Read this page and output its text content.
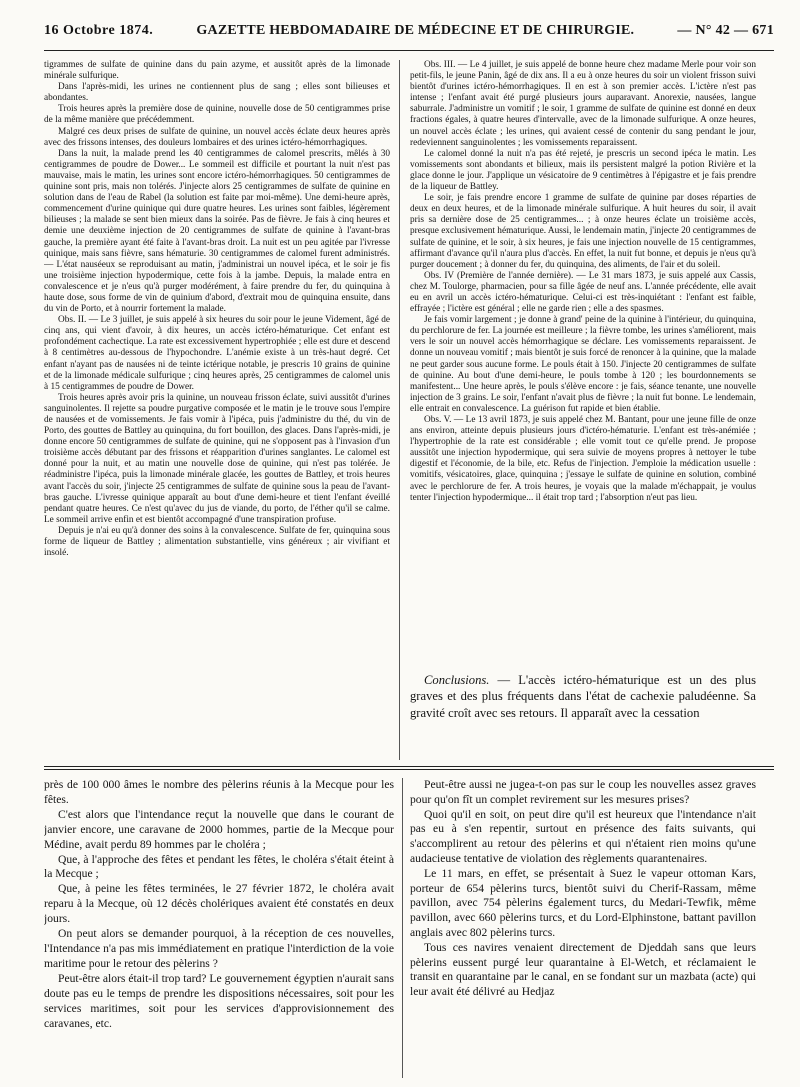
16 Octobre 1874.	GAZETTE HEBDOMADAIRE DE MÉDECINE ET DE CHIRURGIE.	— N° 42 — 671

tigrammes de sulfate de quinine dans du pain azyme, et aussitôt après de la limonade minérale sulfurique.

Dans l'après-midi, les urines ne contiennent plus de sang ; elles sont bilieuses et abondantes.

Trois heures après la première dose de quinine, nouvelle dose de 50 centigrammes prise de la même manière que précédemment.

Malgré ces deux prises de sulfate de quinine, un nouvel accès éclate deux heures après avec des frissons intenses, des douleurs lombaires et des urines ictéro-hémorrhagiques.

Dans la nuit, la malade prend les 40 centigrammes de calomel prescrits, mêlés à 30 centigrammes de poudre de Dower... Le sommeil est difficile et pourtant la nuit n'est pas mauvaise, mais le matin, les urines sont encore ictéro-hémorrhagiques. 50 centigrammes de quinine sont pris, mais non tolérés. J'injecte alors 25 centigrammes de sulfate de quinine en solution dans de l'eau de Rabel (la solution est faite par moi-même). Une demi-heure après, commencement d'urine quinique qui dure quatre heures. Les urines sont faibles, légèrement bilieuses ; la malade se sent bien mieux dans la soirée. Pas de fièvre. Je fais à cinq heures et demie une deuxième injection de 20 centigrammes de sulfate de quinine à l'avant-bras gauche, la première ayant été faite à l'avant-bras droit. La nuit est un peu agitée par l'ivresse quinique, mais sans fièvre, sans hématurie. 30 centigrammes de calomel furent administrés. — L'état nauséeux se reproduisant au matin, j'administrai un nouvel ipéca, et le soir je fis une troisième injection hypodermique, cette fois à la jambe. Depuis, la malade entra en convalescence et je n'eus qu'à purger modérément, à faire prendre du fer, du quinquina à haute dose, sous forme de vin de quinium d'abord, d'extrait mou de quinquina ensuite, dans du vin de Porto, et à nourrir fortement la malade.

Obs. II. — Le 3 juillet, je suis appelé à six heures du soir pour le jeune Videment, âgé de cinq ans, qui vient d'avoir, à dix heures, un accès ictéro-hématurique. Cet enfant est profondément cachectique. La rate est excessivement hypertrophiée ; elle est dure et descend à 8 centimètres au-dessous de l'hypochondre. L'anémie existe à un très-haut degré. Cet enfant n'ayant pas de nausées ni de teinte ictérique notable, je prescris 10 grains de quinine et de la limonade médicale sulfurique ; cinq heures après, 25 centigrammes de calomel unis à 15 centigrammes de poudre de Dower.

Trois heures après avoir pris la quinine, un nouveau frisson éclate, suivi aussitôt d'urines sanguinolentes. Il rejette sa poudre purgative composée et le matin je le trouve sous l'empire de nausées et de vomissements. Je fais vomir à l'ipéca, puis j'administre du thé, du vin de Porto, des gouttes de Battley au quinquina, du fort bouillon, des glaces. Dans l'après-midi, je donne encore 50 centigrammes de sulfate de quinine, qui ne s'opposent pas à l'invasion d'un troisième accès débutant par des frissons et réapparition d'urines sanglantes. Le calomel est donné pour la nuit, et au matin une nouvelle dose de quinine, qui n'est pas tolérée. Je réadministre l'ipéca, puis la limonade minérale glacée, les gouttes de Battley, et trois heures avant l'accès du soir, j'injecte 25 centigrammes de sulfate de quinine sous la peau de l'avant-bras gauche. L'ivresse quinique apparaît au bout d'une demi-heure et tient l'enfant éveillé pendant quatre heures. Ce n'est qu'avec du jus de viande, du porto, de l'éther qu'il se calme. Le sommeil arrive enfin et est bientôt accompagné d'une transpiration profuse.

Depuis je n'ai eu qu'à donner des soins à la convalescence. Sulfate de fer, quinquina sous forme de liqueur de Battley ; alimentation substantielle, vins généreux ; air vivifiant et insolé.

Obs. III. — Le 4 juillet, je suis appelé de bonne heure chez madame Merle pour voir son petit-fils, le jeune Panin, âgé de dix ans. Il a eu à onze heures du soir un violent frisson suivi bientôt d'urines ictéro-hémorrhagiques. Il en est à son premier accès. L'ictère n'est pas intense ; l'enfant avait été purgé plusieurs jours auparavant. Anorexie, nausées, langue saburrale. J'administre un vomitif ; le soir, 1 gramme de sulfate de quinine est donné en deux fractions égales, à quatre heures d'intervalle, avec de la limonade sulfurique. A onze heures, un nouvel accès éclate ; les urines, qui avaient cessé de contenir du sang pendant le jour, redeviennent sanguinolentes ; les vomissements reparaissent.

Le calomel donné la nuit n'a pas été rejeté, je prescris un second ipéca le matin. Les vomissements sont abondants et bilieux, mais ils persistent malgré la potion Rivière et la glace donne le jour. J'applique un vésicatoire de 9 centimètres à l'épigastre et je fais prendre de la liqueur de Battley.

Le soir, je fais prendre encore 1 gramme de sulfate de quinine par doses réparties de deux en deux heures, et de la limonade minérale sulfurique. A huit heures du soir, il avait pris sa dernière dose de 25 centigrammes... ; à onze heures éclate un troisième accès, presque exclusivement hématurique. Aussi, le lendemain matin, j'injecte 20 centigrammes de sulfate de quinine, et le soir, à six heures, je fais une injection nouvelle de 15 centigrammes, affirmant d'avance qu'il n'aura plus d'accès. En effet, la nuit fut bonne, et depuis je n'eus qu'à purger doucement ; à donner du fer, du quinquina, des aliments, de l'air et du soleil.

Obs. IV (Première de l'année dernière). — Le 31 mars 1873, je suis appelé aux Cassis, chez M. Toulorge, pharmacien, pour sa fille âgée de neuf ans. L'année précédente, elle avait eu en avril un accès ictéro-hématurique. Celui-ci est très-inquiétant : l'enfant est faible, effrayée ; l'ictère est général ; elle ne garde rien ; elle a des spasmes.

Je fais vomir largement ; je donne à grand' peine de la quinine à l'intérieur, du quinquina, du perchlorure de fer. La journée est meilleure ; la fièvre tombe, les urines s'améliorent, mais vers le soir un nouvel accès hémorrhagique se déclare. Les vomissements reparaissent. Je donne un nouveau vomitif ; mais bientôt je suis forcé de renoncer à la quinine, que la malade ne peut garder sous aucune forme. Le pouls était à 150. J'injecte 20 centigrammes de sulfate de quinine. Au bout d'une demi-heure, le pouls tombe à 120 ; les bourdonnements se manifestent... Une heure après, le pouls s'élève encore : je fais, séance tenante, une nouvelle injection de 3 grains. Le soir, l'enfant n'avait plus de fièvre ; la nuit fut bonne. Le lendemain, elle entrait en convalescence. La guérison fut rapide et bien établie.

Obs. V. — Le 13 avril 1873, je suis appelé chez M. Bantant, pour une jeune fille de onze ans environ, atteinte depuis plusieurs jours d'ictéro-hématurie. L'enfant est très-anémiée ; l'hypertrophie de la rate est considérable ; elle vomit tout ce qu'elle prend. Je propose aussitôt une injection hypodermique, qui sera suivie de moyens propres à nettoyer le tube digestif et l'économie, de la bile, etc. Refus de l'injection. J'emploie la médication usuelle : vomitifs, vésicatoires, glace, quinquina ; j'essaye le sulfate de quinine en solution, combiné avec le perchlorure de fer. A trois heures, je voyais que la malade m'échappait, je voulus tenter l'injection hypodermique... il était trop tard ; l'absorption n'eut pas lieu.

Conclusions. — L'accès ictéro-hématurique est un des plus graves et des plus fréquents dans l'état de cachexie paludéenne. Sa gravité croît avec ses retours. Il apparaît avec la cessation

près de 100 000 âmes le nombre des pèlerins réunis à la Mecque pour les fêtes.

C'est alors que l'intendance reçut la nouvelle que dans le courant de janvier encore, une caravane de 2000 hommes, partie de la Mecque pour Médine, avait perdu 89 hommes par le choléra ;

Que, à l'approche des fêtes et pendant les fêtes, le choléra s'était éteint à la Mecque ;

Que, à peine les fêtes terminées, le 27 février 1872, le choléra avait reparu à la Mecque, où 12 décès cholériques avaient été constatés en deux jours.

On peut alors se demander pourquoi, à la réception de ces nouvelles, l'Intendance n'a pas mis immédiatement en pratique l'interdiction de la voie maritime pour le retour des pèlerins ?

Peut-être alors était-il trop tard? Le gouvernement égyptien n'aurait sans doute pas eu le temps de prendre les dispositions nécessaires, soit pour les services maritimes, soit pour les services d'approvisionnement des caravanes, etc.

Peut-être aussi ne jugea-t-on pas sur le coup les nouvelles assez graves pour qu'on fît un complet revirement sur les mesures prises?

Quoi qu'il en soit, on peut dire qu'il est heureux que l'intendance n'ait pas eu à s'en repentir, surtout en présence des faits suivants, qui s'accomplirent au retour des pèlerins et qui n'étaient rien moins qu'une audacieuse tentative de violation des règlements quarantenaires.

Le 11 mars, en effet, se présentait à Suez le vapeur ottoman Kars, porteur de 654 pèlerins turcs, bientôt suivi du Cherif-Rassam, même pavillon, avec 754 pèlerins également turcs, du Medari-Tewfik, même pavillon, avec 660 pèlerins turcs, et du Lord-Elphinstone, battant pavillon anglais avec 802 pèlerins turcs.

Tous ces navires venaient directement de Djeddah sans que leurs pèlerins eussent purgé leur quarantaine à El-Wetch, et réclamaient le transit en quarantaine par le canal, en se fondant sur un mazbata (acte) qui leur avait été délivré au Hedjaz
